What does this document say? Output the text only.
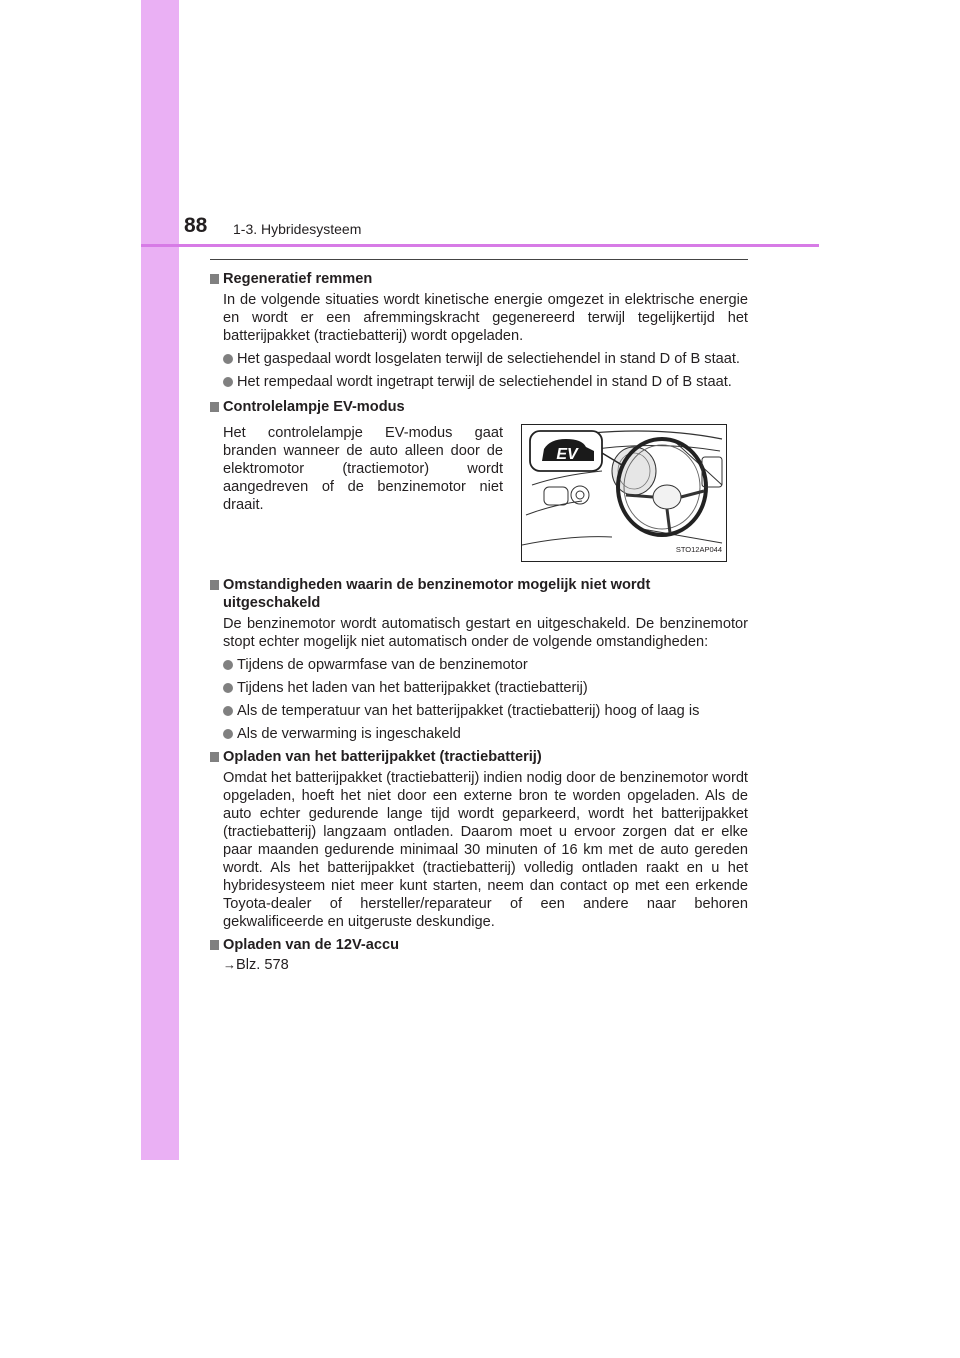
88 1-3. Hybridesysteem
Regeneratief remmen
In de volgende situaties wordt kinetische energie omgezet in elektrische energie en wordt er een afremmingskracht gegenereerd terwijl tegelijkertijd het batterijpakket (tractiebatterij) wordt opgeladen.
Het gaspedaal wordt losgelaten terwijl de selectiehendel in stand D of B staat.
Het rempedaal wordt ingetrapt terwijl de selectiehendel in stand D of B staat.
Controlelampje EV-modus
Het controlelampje EV-modus gaat branden wanneer de auto alleen door de elektromotor (tractiemotor) wordt aangedreven of de benzinemotor niet draait.
EV
STO12AP044
Omstandigheden waarin de benzinemotor mogelijk niet wordt uitgeschakeld
De benzinemotor wordt automatisch gestart en uitgeschakeld. De benzinemotor stopt echter mogelijk niet automatisch onder de volgende omstandigheden:
Tijdens de opwarmfase van de benzinemotor
Tijdens het laden van het batterijpakket (tractiebatterij)
Als de temperatuur van het batterijpakket (tractiebatterij) hoog of laag is
Als de verwarming is ingeschakeld
Opladen van het batterijpakket (tractiebatterij)
Omdat het batterijpakket (tractiebatterij) indien nodig door de benzinemotor wordt opgeladen, hoeft het niet door een externe bron te worden opgeladen. Als de auto echter gedurende lange tijd wordt geparkeerd, wordt het batterijpakket (tractiebatterij) langzaam ontladen. Daarom moet u ervoor zorgen dat er elke paar maanden gedurende minimaal 30 minuten of 16 km met de auto gereden wordt. Als het batterijpakket (tractiebatterij) volledig ontladen raakt en u het hybridesysteem niet meer kunt starten, neem dan contact op met een erkende Toyota-dealer of hersteller/reparateur of een andere naar behoren gekwalificeerde en uitgeruste deskundige.
Opladen van de 12V-accu
→Blz. 578
